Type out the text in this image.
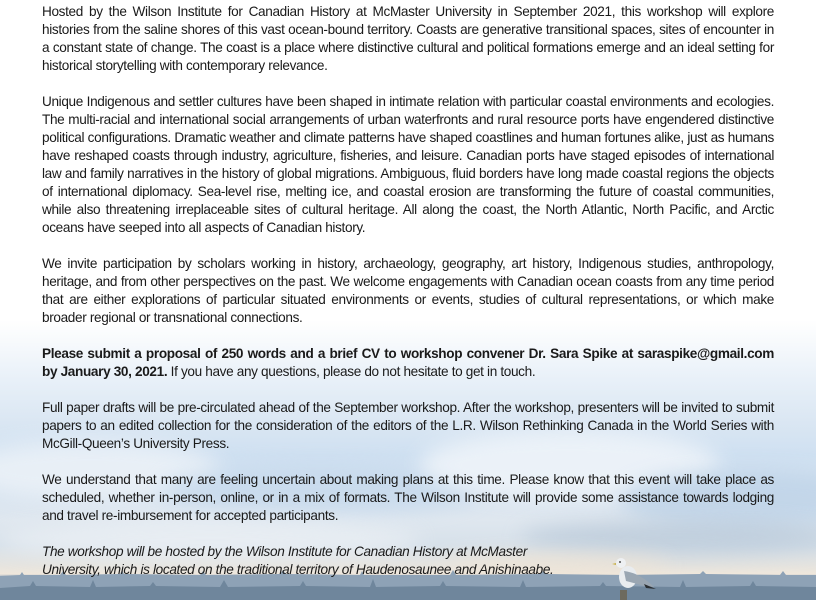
Hosted by the Wilson Institute for Canadian History at McMaster University in September 2021, this workshop will explore histories from the saline shores of this vast ocean-bound territory. Coasts are generative transitional spaces, sites of encounter in a constant state of change. The coast is a place where distinctive cultural and political formations emerge and an ideal setting for historical storytelling with contemporary relevance.

Unique Indigenous and settler cultures have been shaped in intimate relation with particular coastal environments and ecologies. The multi-racial and international social arrangements of urban waterfronts and rural resource ports have engendered distinctive political configurations. Dramatic weather and climate patterns have shaped coastlines and human fortunes alike, just as humans have reshaped coasts through industry, agriculture, fisheries, and leisure. Canadian ports have staged episodes of international law and family narratives in the history of global migrations. Ambiguous, fluid borders have long made coastal regions the objects of international diplomacy. Sea-level rise, melting ice, and coastal erosion are transforming the future of coastal communities, while also threatening irreplaceable sites of cultural heritage. All along the coast, the North Atlantic, North Pacific, and Arctic oceans have seeped into all aspects of Canadian history.

We invite participation by scholars working in history, archaeology, geography, art history, Indigenous studies, anthropology, heritage, and from other perspectives on the past. We welcome engagements with Canadian ocean coasts from any time period that are either explorations of particular situated environments or events, studies of cultural representations, or which make broader regional or transnational connections.

Please submit a proposal of 250 words and a brief CV to workshop convener Dr. Sara Spike at saraspike@gmail.com by January 30, 2021. If you have any questions, please do not hesitate to get in touch.

Full paper drafts will be pre-circulated ahead of the September workshop. After the workshop, presenters will be invited to submit papers to an edited collection for the consideration of the editors of the L.R. Wilson Rethinking Canada in the World Series with McGill-Queen’s University Press.

We understand that many are feeling uncertain about making plans at this time. Please know that this event will take place as scheduled, whether in-person, online, or in a mix of formats. The Wilson Institute will provide some assistance towards lodging and travel re-imbursement for accepted participants.

The workshop will be hosted by the Wilson Institute for Canadian History at McMaster
University, which is located on the traditional territory of Haudenosaunee and Anishinaabe.
